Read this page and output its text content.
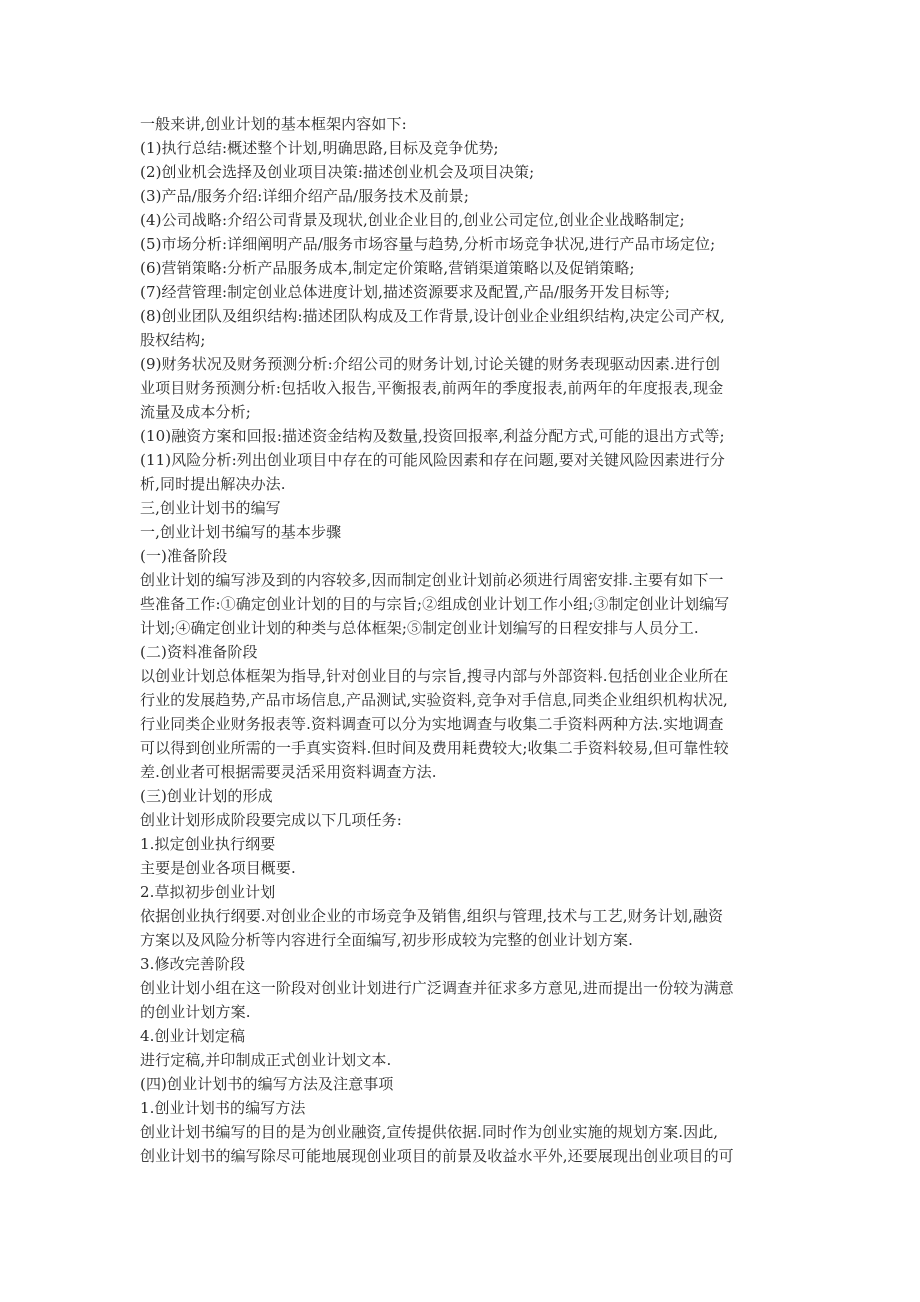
一般来讲,创业计划的基本框架内容如下:
(1)执行总结:概述整个计划,明确思路,目标及竞争优势;
(2)创业机会选择及创业项目决策:描述创业机会及项目决策;
(3)产品/服务介绍:详细介绍产品/服务技术及前景;
(4)公司战略:介绍公司背景及现状,创业企业目的,创业公司定位,创业企业战略制定;
(5)市场分析:详细阐明产品/服务市场容量与趋势,分析市场竞争状况,进行产品市场定位;
(6)营销策略:分析产品服务成本,制定定价策略,营销渠道策略以及促销策略;
(7)经营管理:制定创业总体进度计划,描述资源要求及配置,产品/服务开发目标等;
(8)创业团队及组织结构:描述团队构成及工作背景,设计创业企业组织结构,决定公司产权,
股权结构;
(9)财务状况及财务预测分析:介绍公司的财务计划,讨论关键的财务表现驱动因素.进行创
业项目财务预测分析:包括收入报告,平衡报表,前两年的季度报表,前两年的年度报表,现金
流量及成本分析;
(10)融资方案和回报:描述资金结构及数量,投资回报率,利益分配方式,可能的退出方式等;
(11)风险分析:列出创业项目中存在的可能风险因素和存在问题,要对关键风险因素进行分
析,同时提出解决办法.
三,创业计划书的编写
一,创业计划书编写的基本步骤
(一)准备阶段
创业计划的编写涉及到的内容较多,因而制定创业计划前必须进行周密安排.主要有如下一
些准备工作:①确定创业计划的目的与宗旨;②组成创业计划工作小组;③制定创业计划编写
计划;④确定创业计划的种类与总体框架;⑤制定创业计划编写的日程安排与人员分工.
(二)资料准备阶段
以创业计划总体框架为指导,针对创业目的与宗旨,搜寻内部与外部资料.包括创业企业所在
行业的发展趋势,产品市场信息,产品测试,实验资料,竞争对手信息,同类企业组织机构状况,
行业同类企业财务报表等.资料调查可以分为实地调查与收集二手资料两种方法.实地调查
可以得到创业所需的一手真实资料.但时间及费用耗费较大;收集二手资料较易,但可靠性较
差.创业者可根据需要灵活采用资料调查方法.
(三)创业计划的形成
创业计划形成阶段要完成以下几项任务:
1.拟定创业执行纲要
主要是创业各项目概要.
2.草拟初步创业计划
依据创业执行纲要.对创业企业的市场竞争及销售,组织与管理,技术与工艺,财务计划,融资
方案以及风险分析等内容进行全面编写,初步形成较为完整的创业计划方案.
3.修改完善阶段
创业计划小组在这一阶段对创业计划进行广泛调查并征求多方意见,进而提出一份较为满意
的创业计划方案.
4.创业计划定稿
进行定稿,并印制成正式创业计划文本.
(四)创业计划书的编写方法及注意事项
1.创业计划书的编写方法
创业计划书编写的目的是为创业融资,宣传提供依据.同时作为创业实施的规划方案.因此,
创业计划书的编写除尽可能地展现创业项目的前景及收益水平外,还要展现出创业项目的可
